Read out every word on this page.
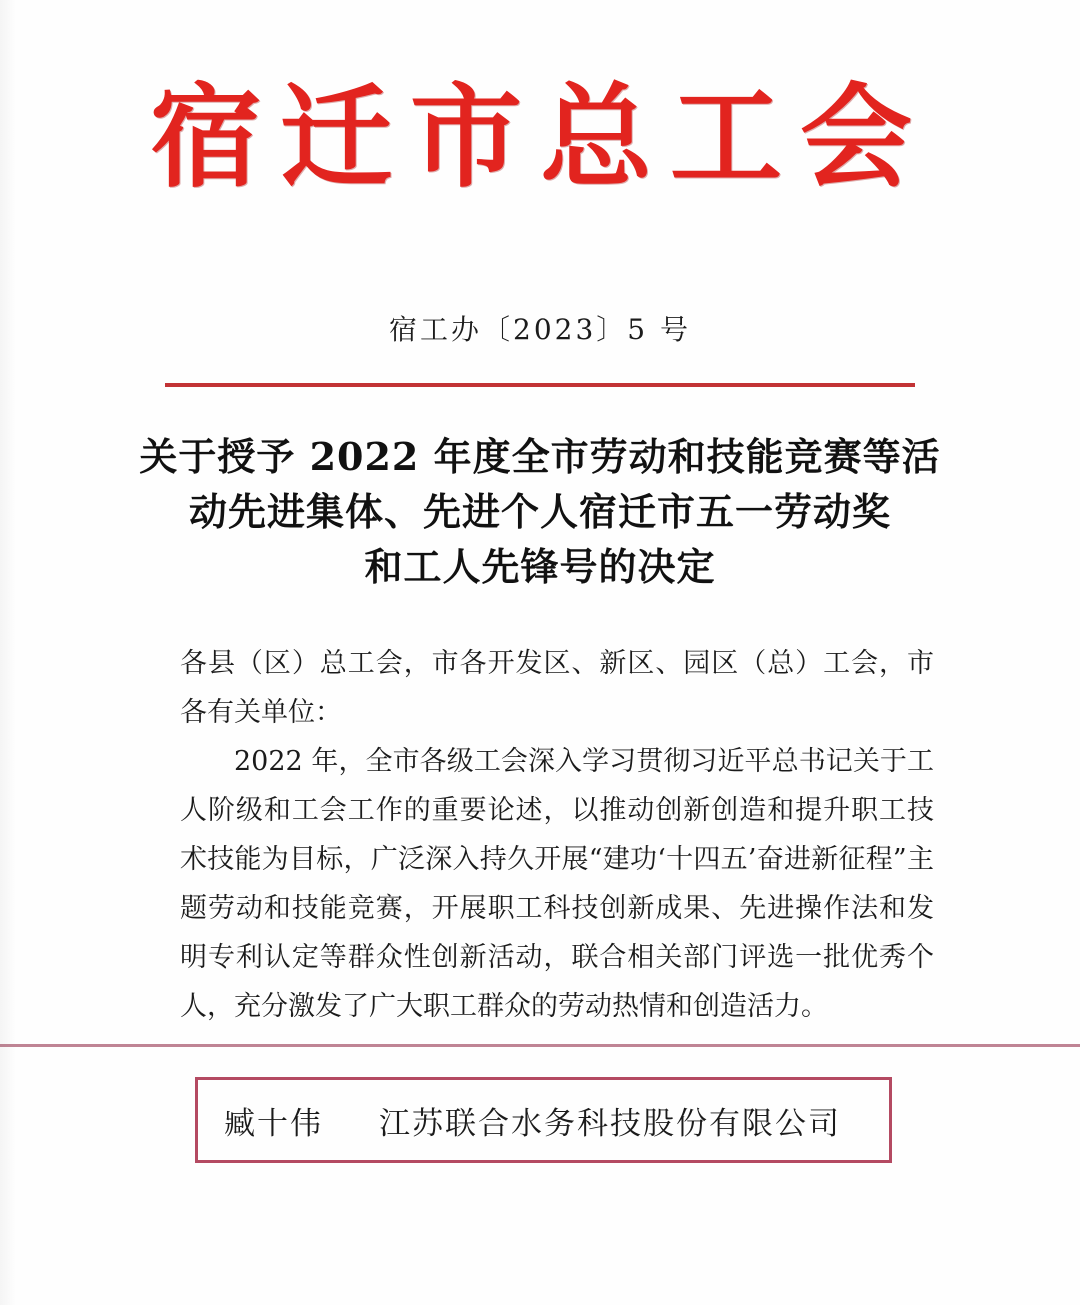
宿迁市总工会
宿工办〔2023〕5 号
关于授予 2022 年度全市劳动和技能竞赛等活
动先进集体、先进个人宿迁市五一劳动奖
和工人先锋号的决定
各县（区）总工会，市各开发区、新区、园区（总）工会，市各有关单位：
2022 年，全市各级工会深入学习贯彻习近平总书记关于工人阶级和工会工作的重要论述，以推动创新创造和提升职工技术技能为目标，广泛深入持久开展“建功‘十四五’奋进新征程”主题劳动和技能竞赛，开展职工科技创新成果、先进操作法和发明专利认定等群众性创新活动，联合相关部门评选一批优秀个人，充分激发了广大职工群众的劳动热情和创造活力。
臧十伟 江苏联合水务科技股份有限公司
